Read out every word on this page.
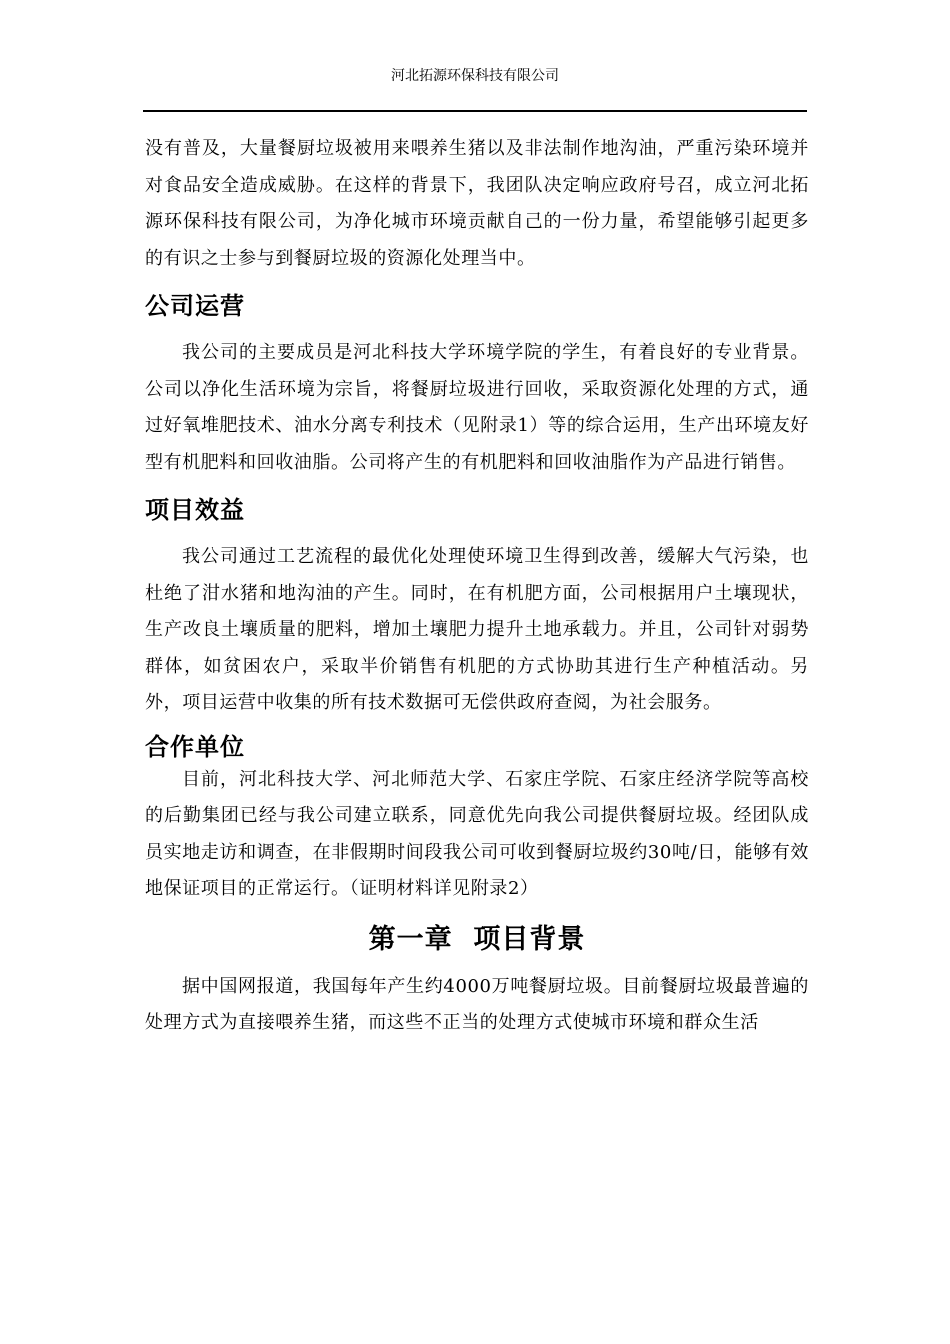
河北拓源环保科技有限公司

没有普及，大量餐厨垃圾被用来喂养生猪以及非法制作地沟油，严重污染环境并对食品安全造成威胁。在这样的背景下，我团队决定响应政府号召，成立河北拓源环保科技有限公司，为净化城市环境贡献自己的一份力量，希望能够引起更多的有识之士参与到餐厨垃圾的资源化处理当中。

公司运营

我公司的主要成员是河北科技大学环境学院的学生，有着良好的专业背景。公司以净化生活环境为宗旨，将餐厨垃圾进行回收，采取资源化处理的方式，通过好氧堆肥技术、油水分离专利技术（见附录1）等的综合运用，生产出环境友好型有机肥料和回收油脂。公司将产生的有机肥料和回收油脂作为产品进行销售。

项目效益

我公司通过工艺流程的最优化处理使环境卫生得到改善，缓解大气污染，也杜绝了泔水猪和地沟油的产生。同时，在有机肥方面，公司根据用户土壤现状，生产改良土壤质量的肥料，增加土壤肥力提升土地承载力。并且，公司针对弱势群体，如贫困农户，采取半价销售有机肥的方式协助其进行生产种植活动。另外，项目运营中收集的所有技术数据可无偿供政府查阅，为社会服务。

合作单位

目前，河北科技大学、河北师范大学、石家庄学院、石家庄经济学院等高校的后勤集团已经与我公司建立联系，同意优先向我公司提供餐厨垃圾。经团队成员实地走访和调查，在非假期时间段我公司可收到餐厨垃圾约30吨/日，能够有效地保证项目的正常运行。（证明材料详见附录2）

第一章  项目背景

据中国网报道，我国每年产生约4000万吨餐厨垃圾。目前餐厨垃圾最普遍的处理方式为直接喂养生猪，而这些不正当的处理方式使城市环境和群众生活
